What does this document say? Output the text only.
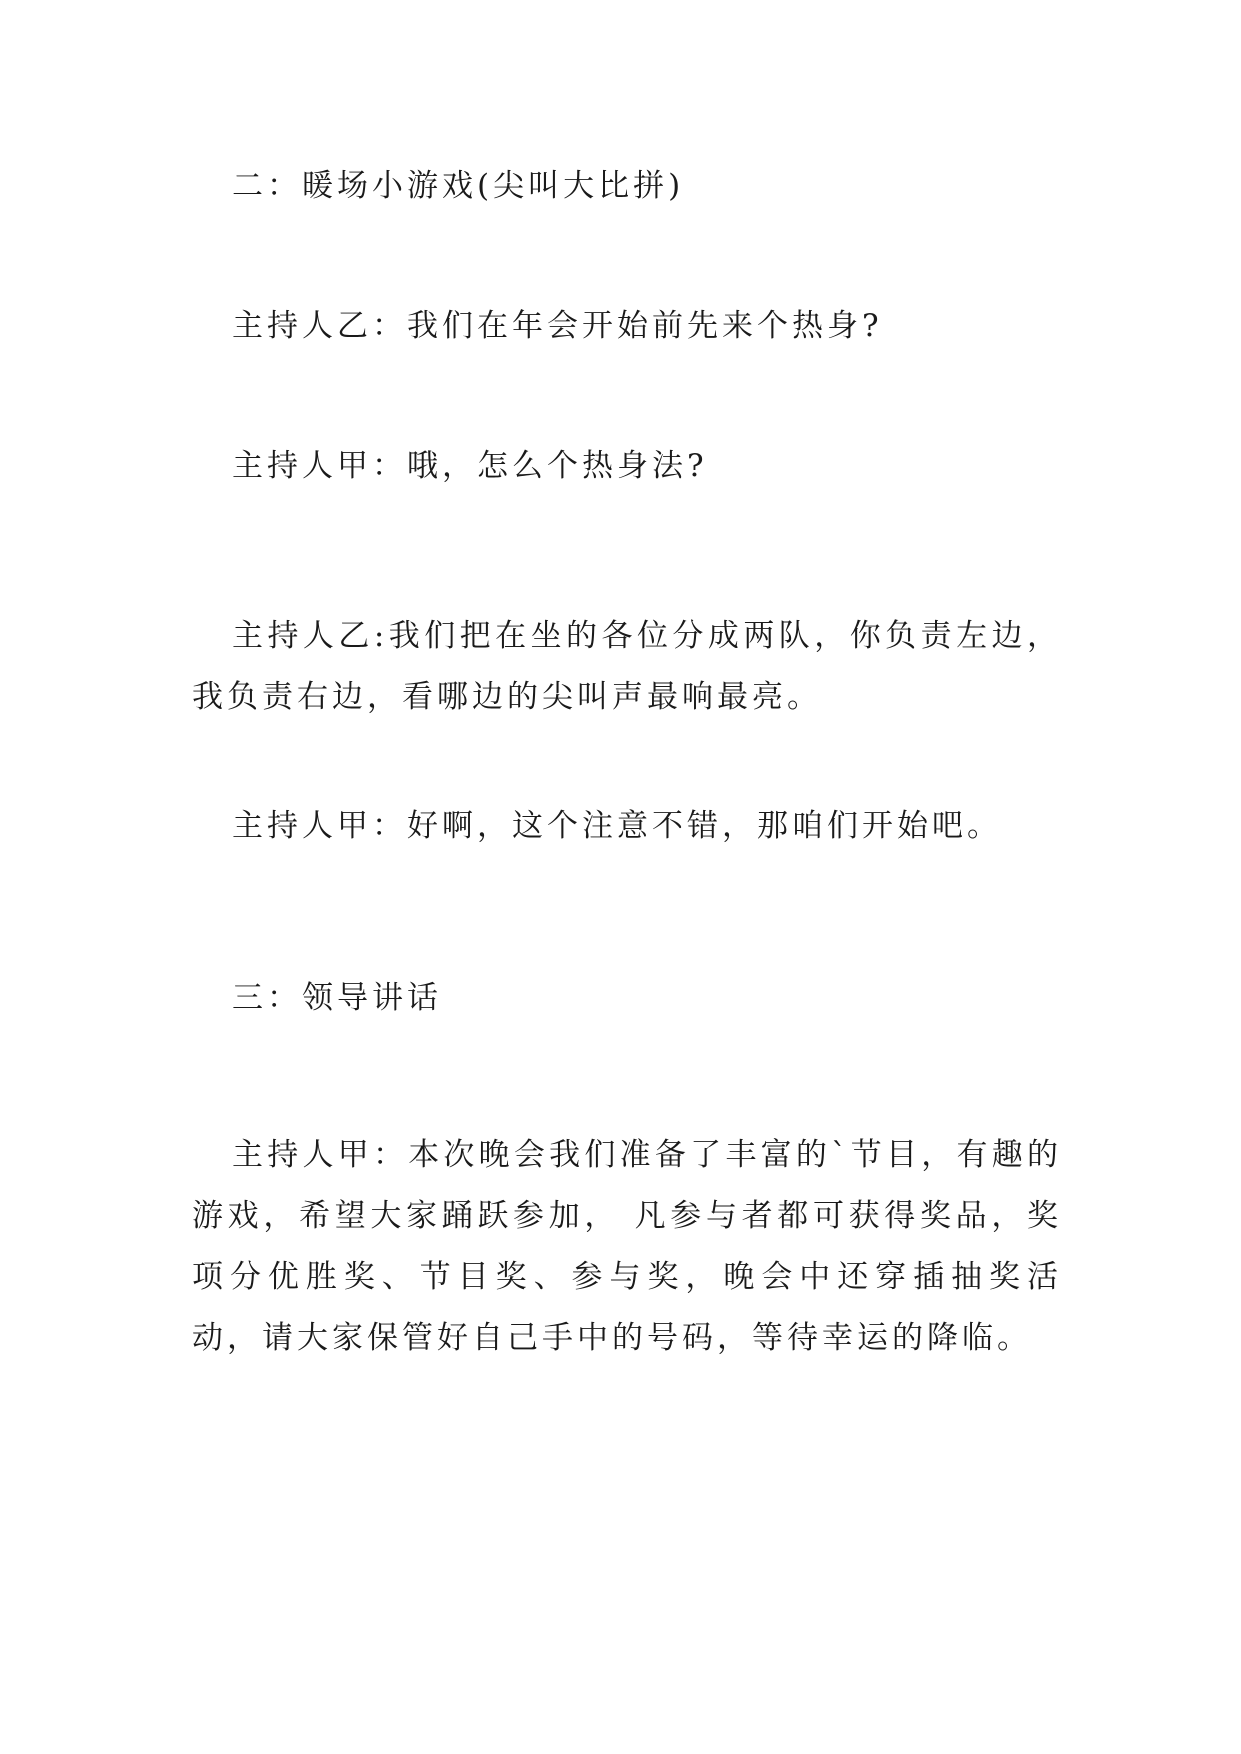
二：暖场小游戏(尖叫大比拼)

主持人乙：我们在年会开始前先来个热身?

主持人甲：哦，怎么个热身法?

主持人乙:我们把在坐的各位分成两队，你负责左边，我负责右边，看哪边的尖叫声最响最亮。

主持人甲：好啊，这个注意不错，那咱们开始吧。

三：领导讲话

主持人甲：本次晚会我们准备了丰富的`节目，有趣的游戏，希望大家踊跃参加， 凡参与者都可获得奖品，奖项分优胜奖、节目奖、参与奖，晚会中还穿插抽奖活动，请大家保管好自己手中的号码，等待幸运的降临。
